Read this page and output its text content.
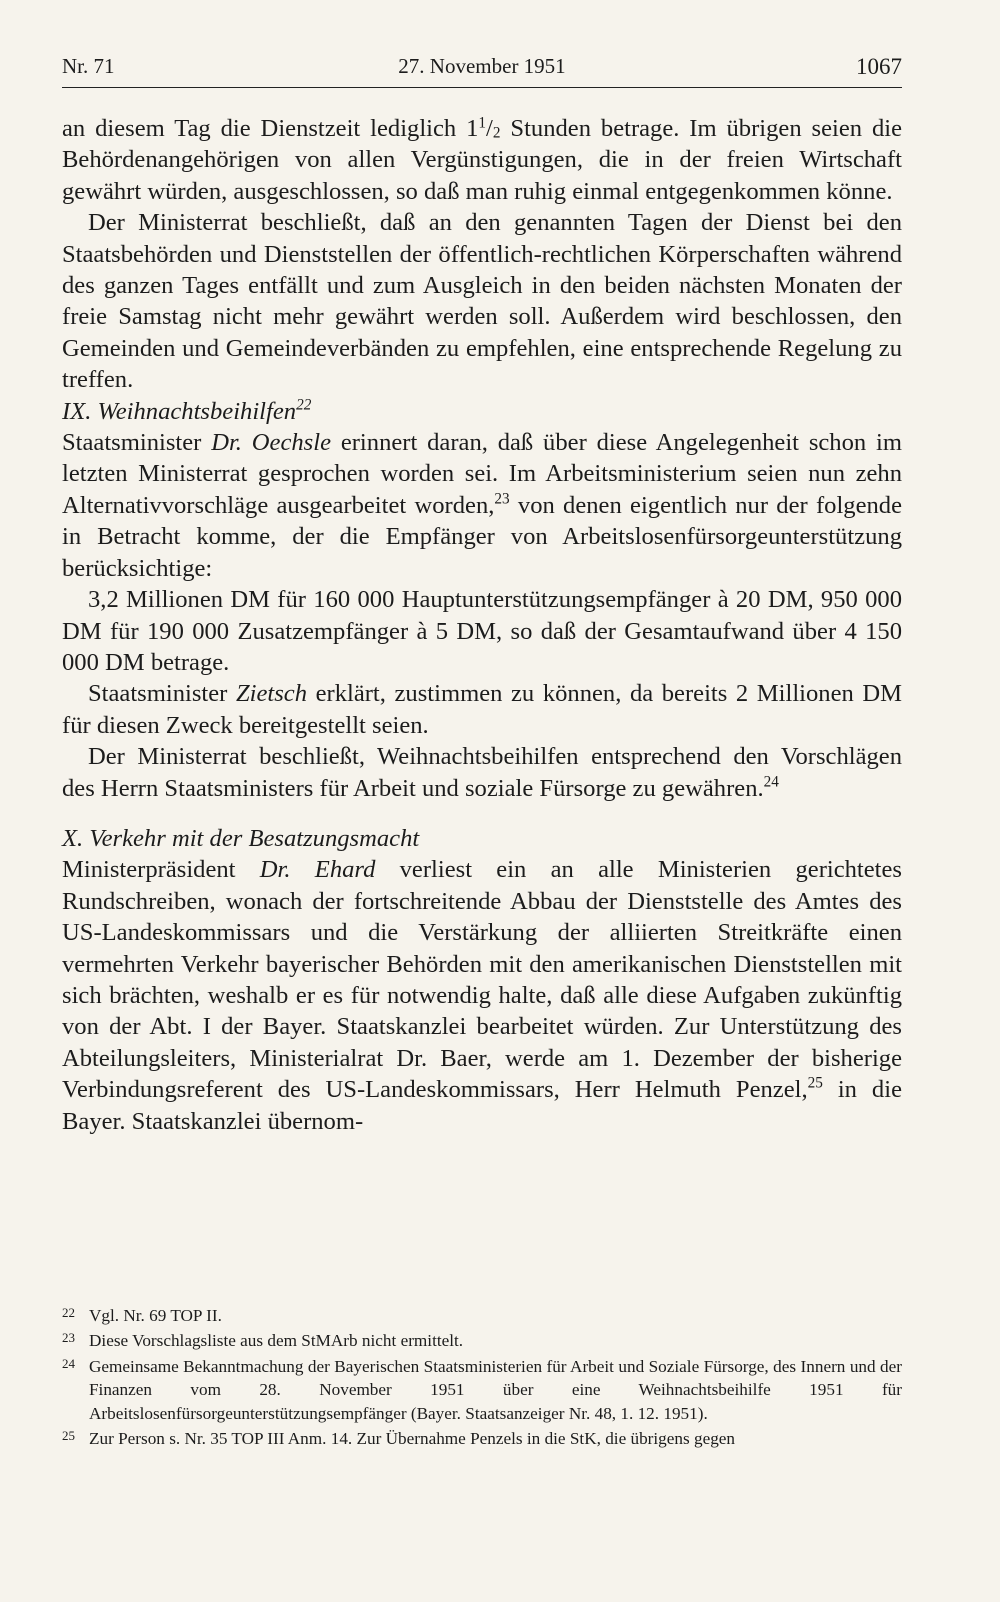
Nr. 71	27. November 1951	1067

an diesem Tag die Dienstzeit lediglich $1^1/_2$ Stunden betrage. Im übrigen seien die Behördenangehörigen von allen Vergünstigungen, die in der freien Wirtschaft gewährt würden, ausgeschlossen, so daß man ruhig einmal entgegenkommen könne.

Der Ministerrat beschließt, daß an den genannten Tagen der Dienst bei den Staatsbehörden und Dienststellen der öffentlich-rechtlichen Körperschaften während des ganzen Tages entfällt und zum Ausgleich in den beiden nächsten Monaten der freie Samstag nicht mehr gewährt werden soll. Außerdem wird beschlossen, den Gemeinden und Gemeindeverbänden zu empfehlen, eine entsprechende Regelung zu treffen.

IX. Weihnachtsbeihilfen$^{22}$

Staatsminister Dr. Oechsle erinnert daran, daß über diese Angelegenheit schon im letzten Ministerrat gesprochen worden sei. Im Arbeitsministerium seien nun zehn Alternativvorschläge ausgearbeitet worden,$^{23}$ von denen eigentlich nur der folgende in Betracht komme, der die Empfänger von Arbeitslosenfürsorgeunterstützung berücksichtige:

3,2 Millionen DM für 160 000 Hauptunterstützungsempfänger à 20 DM, 950 000 DM für 190 000 Zusatzempfänger à 5 DM, so daß der Gesamtaufwand über 4 150 000 DM betrage.

Staatsminister Zietsch erklärt, zustimmen zu können, da bereits 2 Millionen DM für diesen Zweck bereitgestellt seien.

Der Ministerrat beschließt, Weihnachtsbeihilfen entsprechend den Vorschlägen des Herrn Staatsministers für Arbeit und soziale Fürsorge zu gewähren.$^{24}$

X. Verkehr mit der Besatzungsmacht

Ministerpräsident Dr. Ehard verliest ein an alle Ministerien gerichtetes Rundschreiben, wonach der fortschreitende Abbau der Dienststelle des Amtes des US-Landeskommissars und die Verstärkung der alliierten Streitkräfte einen vermehrten Verkehr bayerischer Behörden mit den amerikanischen Dienststellen mit sich brächten, weshalb er es für notwendig halte, daß alle diese Aufgaben zukünftig von der Abt. I der Bayer. Staatskanzlei bearbeitet würden. Zur Unterstützung des Abteilungsleiters, Ministerialrat Dr. Baer, werde am 1. Dezember der bisherige Verbindungsreferent des US-Landeskommissars, Herr Helmuth Penzel,$^{25}$ in die Bayer. Staatskanzlei übernom-

22 Vgl. Nr. 69 TOP II.
23 Diese Vorschlagsliste aus dem StMArb nicht ermittelt.
24 Gemeinsame Bekanntmachung der Bayerischen Staatsministerien für Arbeit und Soziale Fürsorge, des Innern und der Finanzen vom 28. November 1951 über eine Weihnachtsbeihilfe 1951 für Arbeitslosenfürsorgeunterstützungsempfänger (Bayer. Staatsanzeiger Nr. 48, 1. 12. 1951).
25 Zur Person s. Nr. 35 TOP III Anm. 14. Zur Übernahme Penzels in die StK, die übrigens gegen
